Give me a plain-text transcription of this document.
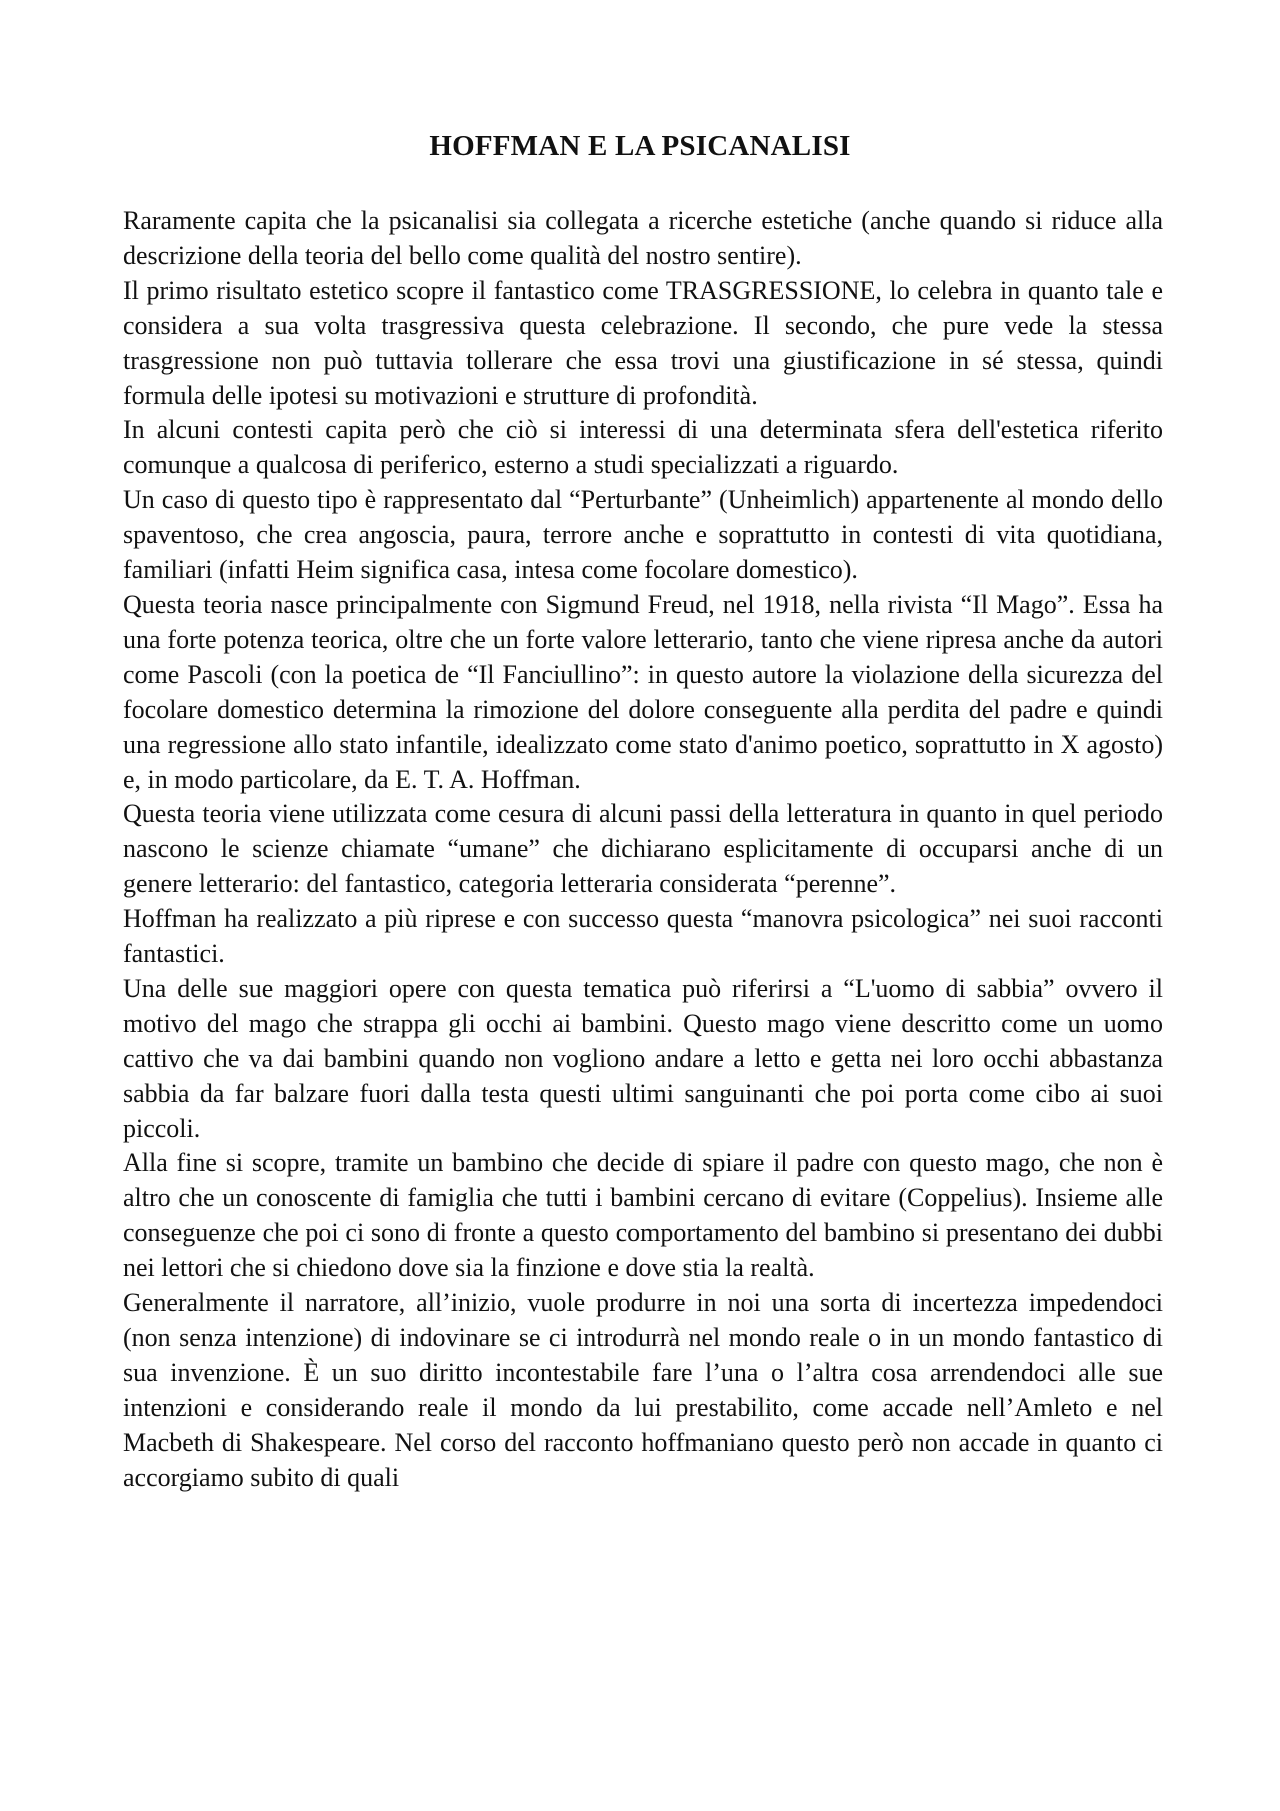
HOFFMAN E LA PSICANALISI

Raramente capita che la psicanalisi sia collegata a ricerche estetiche (anche quando si riduce alla descrizione della teoria del bello come qualità del nostro sentire).

Il primo risultato estetico scopre il fantastico come TRASGRESSIONE, lo celebra in quanto tale e considera a sua volta trasgressiva questa celebrazione. Il secondo, che pure vede la stessa trasgressione non può tuttavia tollerare che essa trovi una giustificazione in sé stessa, quindi formula delle ipotesi su motivazioni e strutture di profondità.

In alcuni contesti capita però che ciò si interessi di una determinata sfera dell'estetica riferito comunque a qualcosa di periferico, esterno a studi specializzati a riguardo.

Un caso di questo tipo è rappresentato dal “Perturbante” (Unheimlich) appartenente al mondo dello spaventoso, che crea angoscia, paura, terrore anche e soprattutto in contesti di vita quotidiana, familiari (infatti Heim significa casa, intesa come focolare domestico).

Questa teoria nasce principalmente con Sigmund Freud, nel 1918, nella rivista “Il Mago”. Essa ha una forte potenza teorica, oltre che un forte valore letterario, tanto che viene ripresa anche da autori come Pascoli (con la poetica de “Il Fanciullino”: in questo autore la violazione della sicurezza del focolare domestico determina la rimozione del dolore conseguente alla perdita del padre e quindi una regressione allo stato infantile, idealizzato come stato d'animo poetico, soprattutto in X agosto) e, in modo particolare, da E. T. A. Hoffman.

Questa teoria viene utilizzata come cesura di alcuni passi della letteratura in quanto in quel periodo nascono le scienze chiamate “umane” che dichiarano esplicitamente di occuparsi anche di un genere letterario: del fantastico, categoria letteraria considerata “perenne”.

Hoffman ha realizzato a più riprese e con successo questa “manovra psicologica” nei suoi racconti fantastici.

Una delle sue maggiori opere con questa tematica può riferirsi a “L'uomo di sabbia” ovvero il motivo del mago che strappa gli occhi ai bambini. Questo mago viene descritto come un uomo cattivo che va dai bambini quando non vogliono andare a letto e getta nei loro occhi abbastanza sabbia da far balzare fuori dalla testa questi ultimi sanguinanti che poi porta come cibo ai suoi piccoli.

Alla fine si scopre, tramite un bambino che decide di spiare il padre con questo mago, che non è altro che un conoscente di famiglia che tutti i bambini cercano di evitare (Coppelius). Insieme alle conseguenze che poi ci sono di fronte a questo comportamento del bambino si presentano dei dubbi nei lettori che si chiedono dove sia la finzione e dove stia la realtà.

Generalmente il narratore, all’inizio, vuole produrre in noi una sorta di incertezza impedendoci (non senza intenzione) di indovinare se ci introdurrà nel mondo reale o in un mondo fantastico di sua invenzione. È un suo diritto incontestabile fare l’una o l’altra cosa arrendendoci alle sue intenzioni e considerando reale il mondo da lui prestabilito, come accade nell’Amleto e nel Macbeth di Shakespeare. Nel corso del racconto hoffmaniano questo però non accade in quanto ci accorgiamo subito di quali
